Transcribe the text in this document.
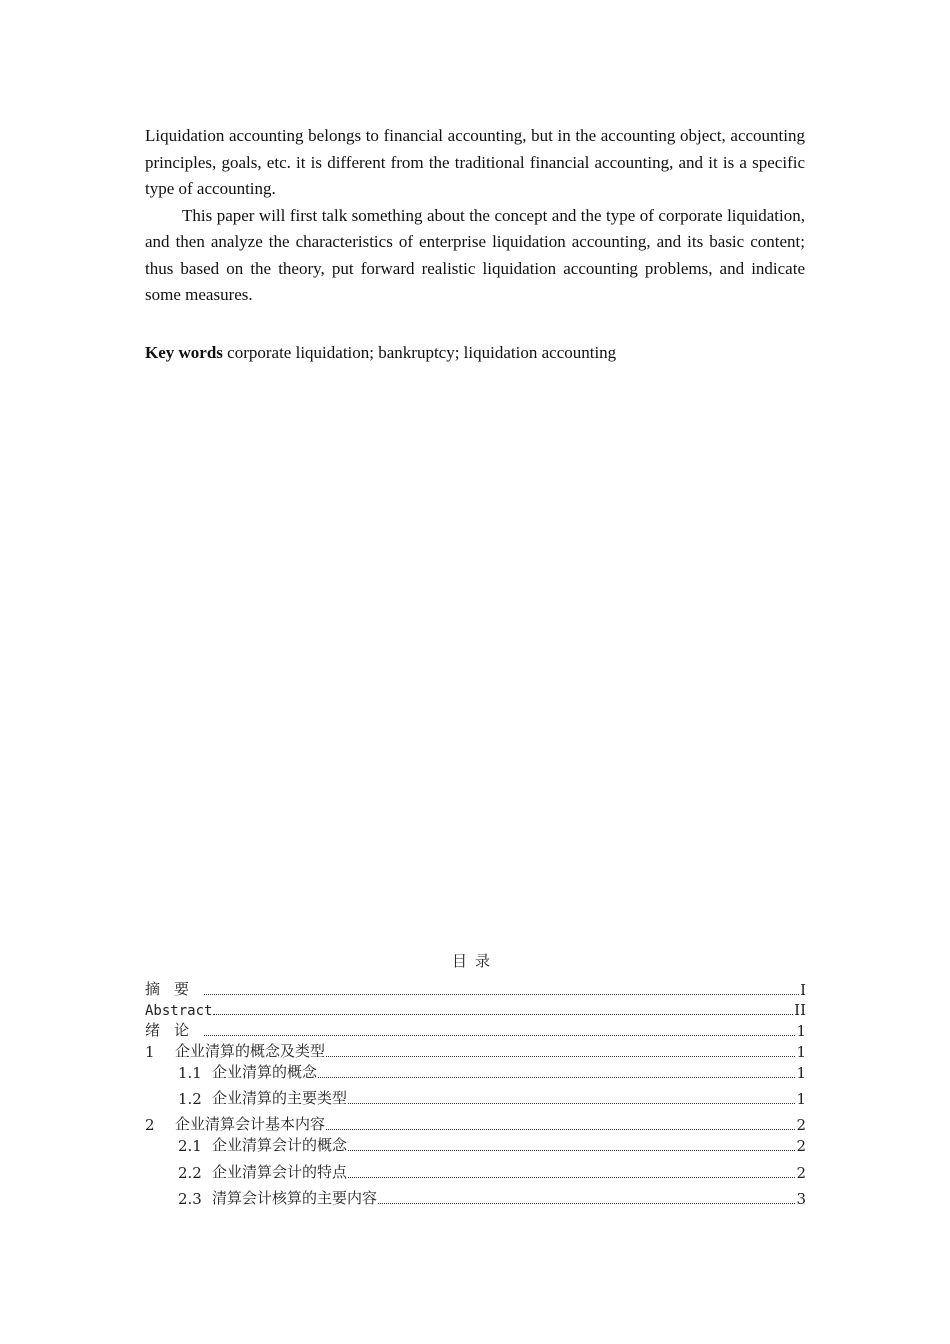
Liquidation accounting belongs to financial accounting, but in the accounting object, accounting principles, goals, etc. it is different from the traditional financial accounting, and it is a specific type of accounting.

This paper will first talk something about the concept and the type of corporate liquidation, and then analyze the characteristics of enterprise liquidation accounting, and its basic content; thus based on the theory, put forward realistic liquidation accounting problems, and indicate some measures.

Key words corporate liquidation; bankruptcy; liquidation accounting
目录
摘要	I
Abstract	II
绪论	1
1	企业清算的概念及类型	1
1.1 企业清算的概念	1
1.2 企业清算的主要类型	1
2	企业清算会计基本内容	2
2.1 企业清算会计的概念	2
2.2 企业清算会计的特点	2
2.3 清算会计核算的主要内容	3
